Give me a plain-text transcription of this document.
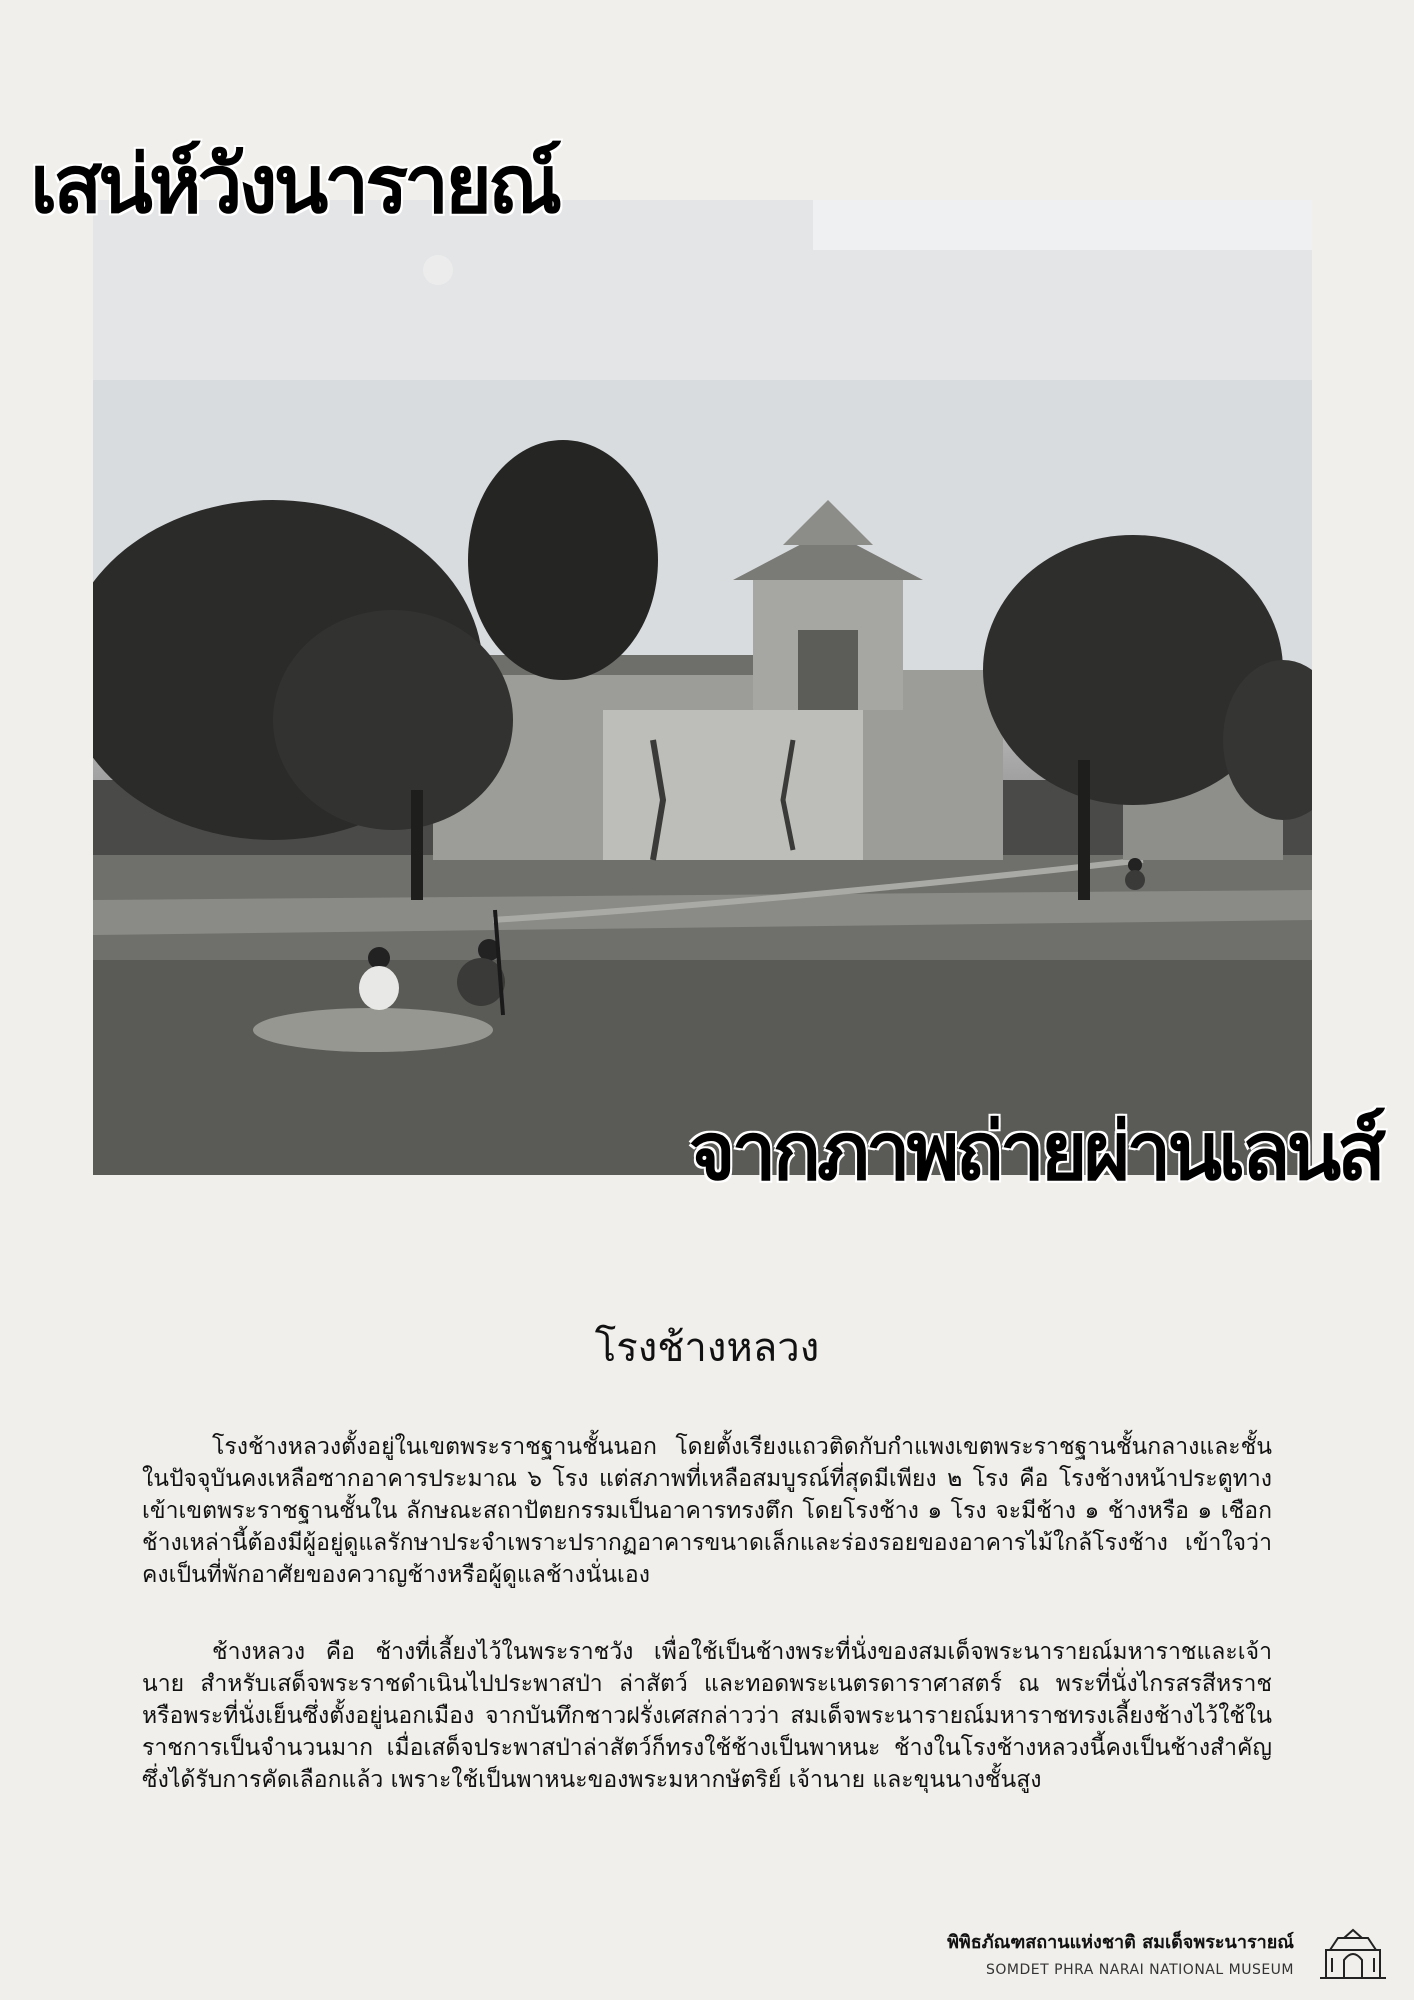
เสน่ห์วังนารายณ์
จากภาพถ่ายผ่านเลนส์
โรงช้างหลวง

โรงช้างหลวงตั้งอยู่ในเขตพระราชฐานชั้นนอก โดยตั้งเรียงแถวติดกับกำแพงเขตพระราชฐานชั้นกลางและชั้นในปัจจุบันคงเหลือซากอาคารประมาณ ๖ โรง แต่สภาพที่เหลือสมบูรณ์ที่สุดมีเพียง ๒ โรง คือ โรงช้างหน้าประตูทางเข้าเขตพระราชฐานชั้นใน ลักษณะสถาปัตยกรรมเป็นอาคารทรงตึก โดยโรงช้าง ๑ โรง จะมีช้าง ๑ ช้างหรือ ๑ เชือก ช้างเหล่านี้ต้องมีผู้อยู่ดูแลรักษาประจำเพราะปรากฏอาคารขนาดเล็กและร่องรอยของอาคารไม้ใกล้โรงช้าง เข้าใจว่าคงเป็นที่พักอาศัยของควาญช้างหรือผู้ดูแลช้างนั่นเอง

ช้างหลวง คือ ช้างที่เลี้ยงไว้ในพระราชวัง เพื่อใช้เป็นช้างพระที่นั่งของสมเด็จพระนารายณ์มหาราชและเจ้านาย สำหรับเสด็จพระราชดำเนินไปประพาสป่า ล่าสัตว์ และทอดพระเนตรดาราศาสตร์ ณ พระที่นั่งไกรสรสีหราช หรือพระที่นั่งเย็นซึ่งตั้งอยู่นอกเมือง จากบันทึกชาวฝรั่งเศสกล่าวว่า สมเด็จพระนารายณ์มหาราชทรงเลี้ยงช้างไว้ใช้ในราชการเป็นจำนวนมาก เมื่อเสด็จประพาสป่าล่าสัตว์ก็ทรงใช้ช้างเป็นพาหนะ ช้างในโรงช้างหลวงนี้คงเป็นช้างสำคัญ ซึ่งได้รับการคัดเลือกแล้ว เพราะใช้เป็นพาหนะของพระมหากษัตริย์ เจ้านาย และขุนนางชั้นสูง

พิพิธภัณฑสถานแห่งชาติ สมเด็จพระนารายณ์
SOMDET PHRA NARAI NATIONAL MUSEUM
